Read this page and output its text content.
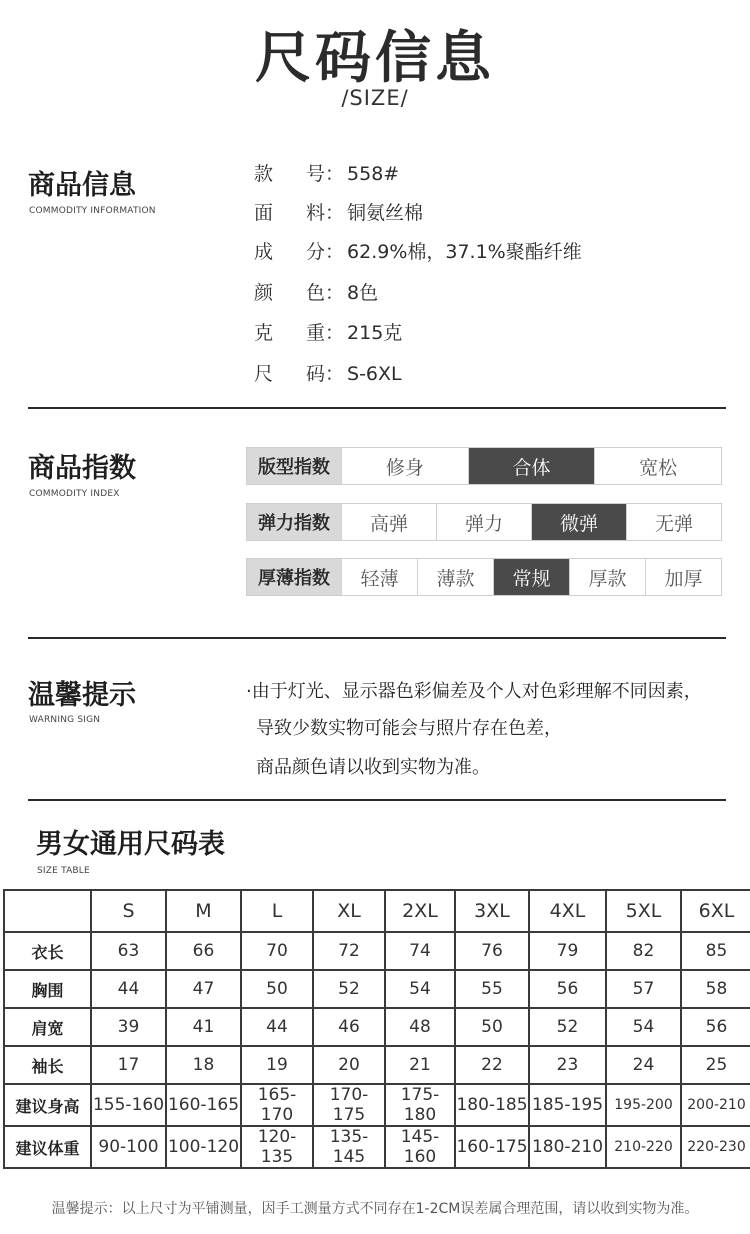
尺码信息
/SIZE/
商品信息
COMMODITY INFORMATION
款 号： 558#
面 料： 铜氨丝棉
成 分： 62.9%棉，37.1%聚酯纤维
颜 色： 8色
克 重： 215克
尺 码： S-6XL
商品指数
COMMODITY INDEX
版型指数	修身	合体	宽松
弹力指数	高弹	弹力	微弹	无弹
厚薄指数	轻薄	薄款	常规	厚款	加厚
温馨提示
WARNING SIGN
·由于灯光、显示器色彩偏差及个人对色彩理解不同因素，
导致少数实物可能会与照片存在色差，
商品颜色请以收到实物为准。
男女通用尺码表
SIZE TABLE
	S	M	L	XL	2XL	3XL	4XL	5XL	6XL
衣长	63	66	70	72	74	76	79	82	85
胸围	44	47	50	52	54	55	56	57	58
肩宽	39	41	44	46	48	50	52	54	56
袖长	17	18	19	20	21	22	23	24	25
建议身高	155-160	160-165	165-170	170-175	175-180	180-185	185-195	195-200	200-210
建议体重	90-100	100-120	120-135	135-145	145-160	160-175	180-210	210-220	220-230
温馨提示：以上尺寸为平铺测量，因手工测量方式不同存在1-2CM误差属合理范围，请以收到实物为准。
